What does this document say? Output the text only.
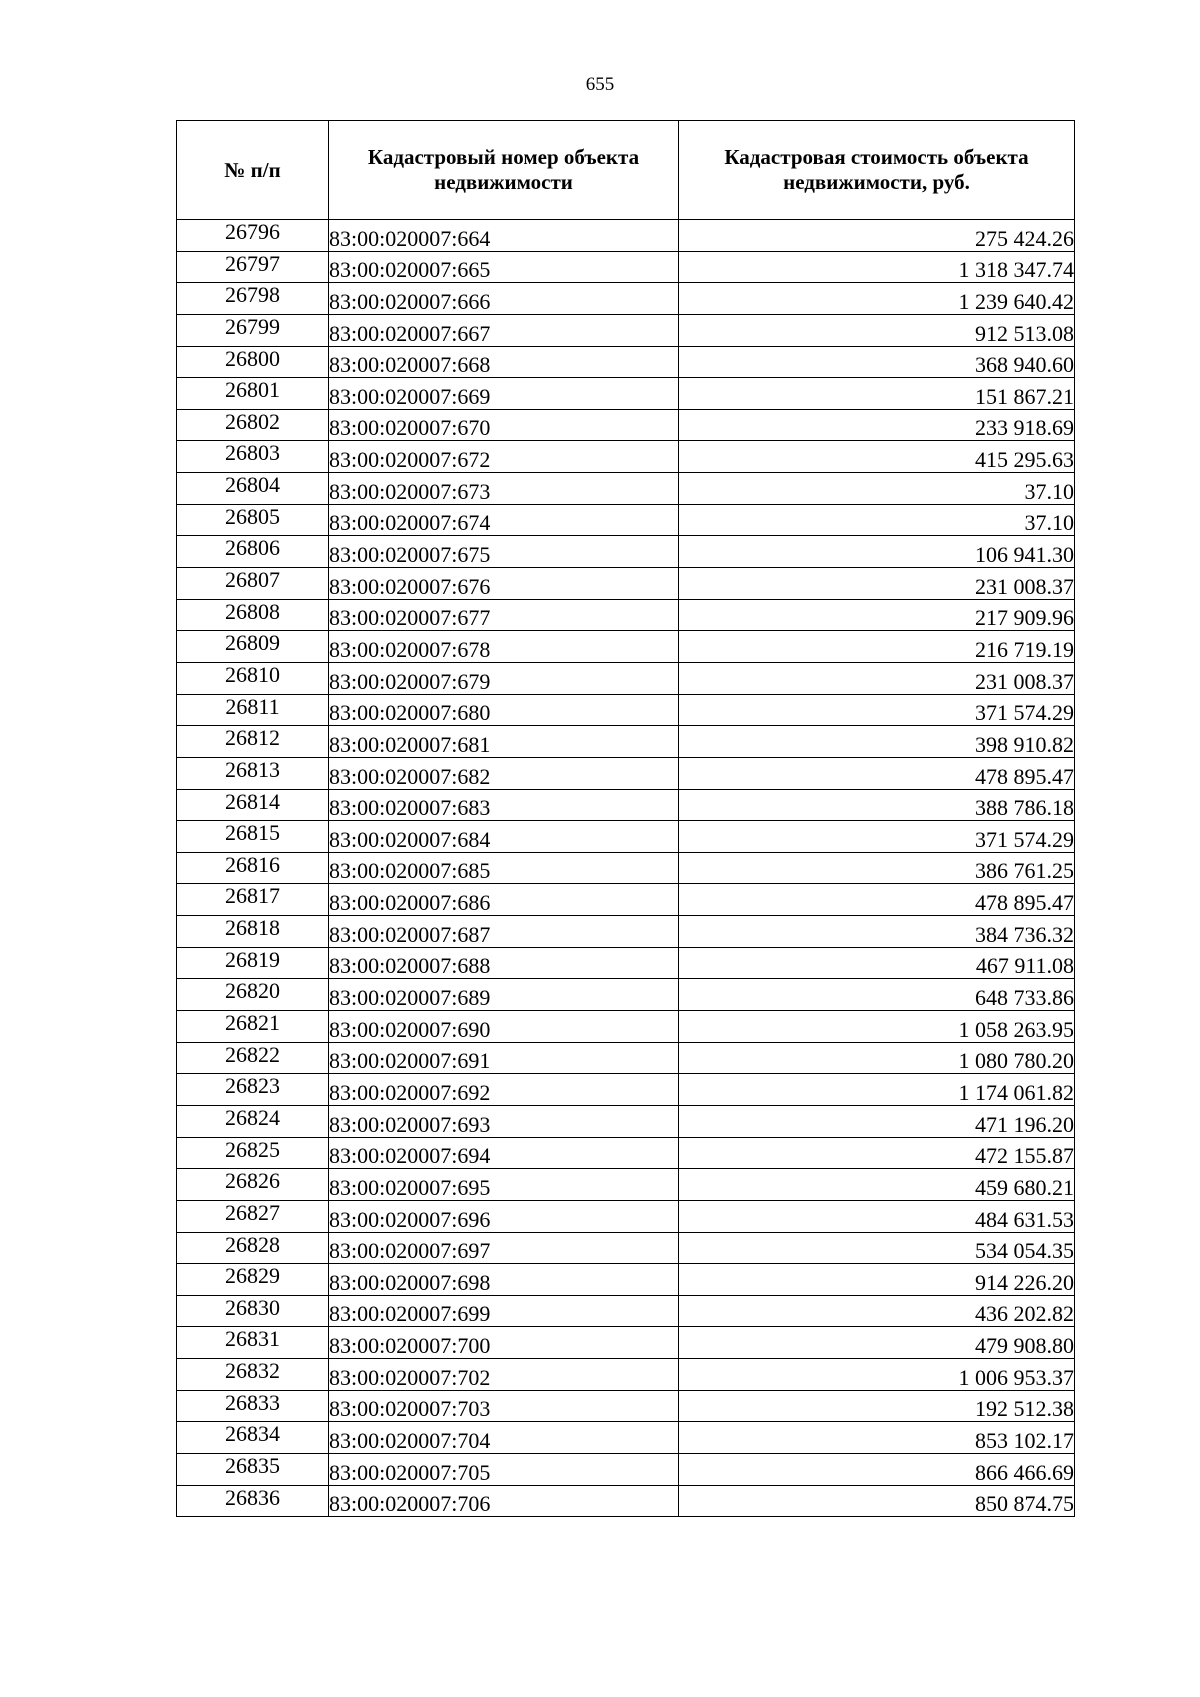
655
№ п/п	Кадастровый номер объекта недвижимости	Кадастровая стоимость объекта недвижимости, руб.
26796	83:00:020007:664	275 424.26
26797	83:00:020007:665	1 318 347.74
26798	83:00:020007:666	1 239 640.42
26799	83:00:020007:667	912 513.08
26800	83:00:020007:668	368 940.60
26801	83:00:020007:669	151 867.21
26802	83:00:020007:670	233 918.69
26803	83:00:020007:672	415 295.63
26804	83:00:020007:673	37.10
26805	83:00:020007:674	37.10
26806	83:00:020007:675	106 941.30
26807	83:00:020007:676	231 008.37
26808	83:00:020007:677	217 909.96
26809	83:00:020007:678	216 719.19
26810	83:00:020007:679	231 008.37
26811	83:00:020007:680	371 574.29
26812	83:00:020007:681	398 910.82
26813	83:00:020007:682	478 895.47
26814	83:00:020007:683	388 786.18
26815	83:00:020007:684	371 574.29
26816	83:00:020007:685	386 761.25
26817	83:00:020007:686	478 895.47
26818	83:00:020007:687	384 736.32
26819	83:00:020007:688	467 911.08
26820	83:00:020007:689	648 733.86
26821	83:00:020007:690	1 058 263.95
26822	83:00:020007:691	1 080 780.20
26823	83:00:020007:692	1 174 061.82
26824	83:00:020007:693	471 196.20
26825	83:00:020007:694	472 155.87
26826	83:00:020007:695	459 680.21
26827	83:00:020007:696	484 631.53
26828	83:00:020007:697	534 054.35
26829	83:00:020007:698	914 226.20
26830	83:00:020007:699	436 202.82
26831	83:00:020007:700	479 908.80
26832	83:00:020007:702	1 006 953.37
26833	83:00:020007:703	192 512.38
26834	83:00:020007:704	853 102.17
26835	83:00:020007:705	866 466.69
26836	83:00:020007:706	850 874.75
